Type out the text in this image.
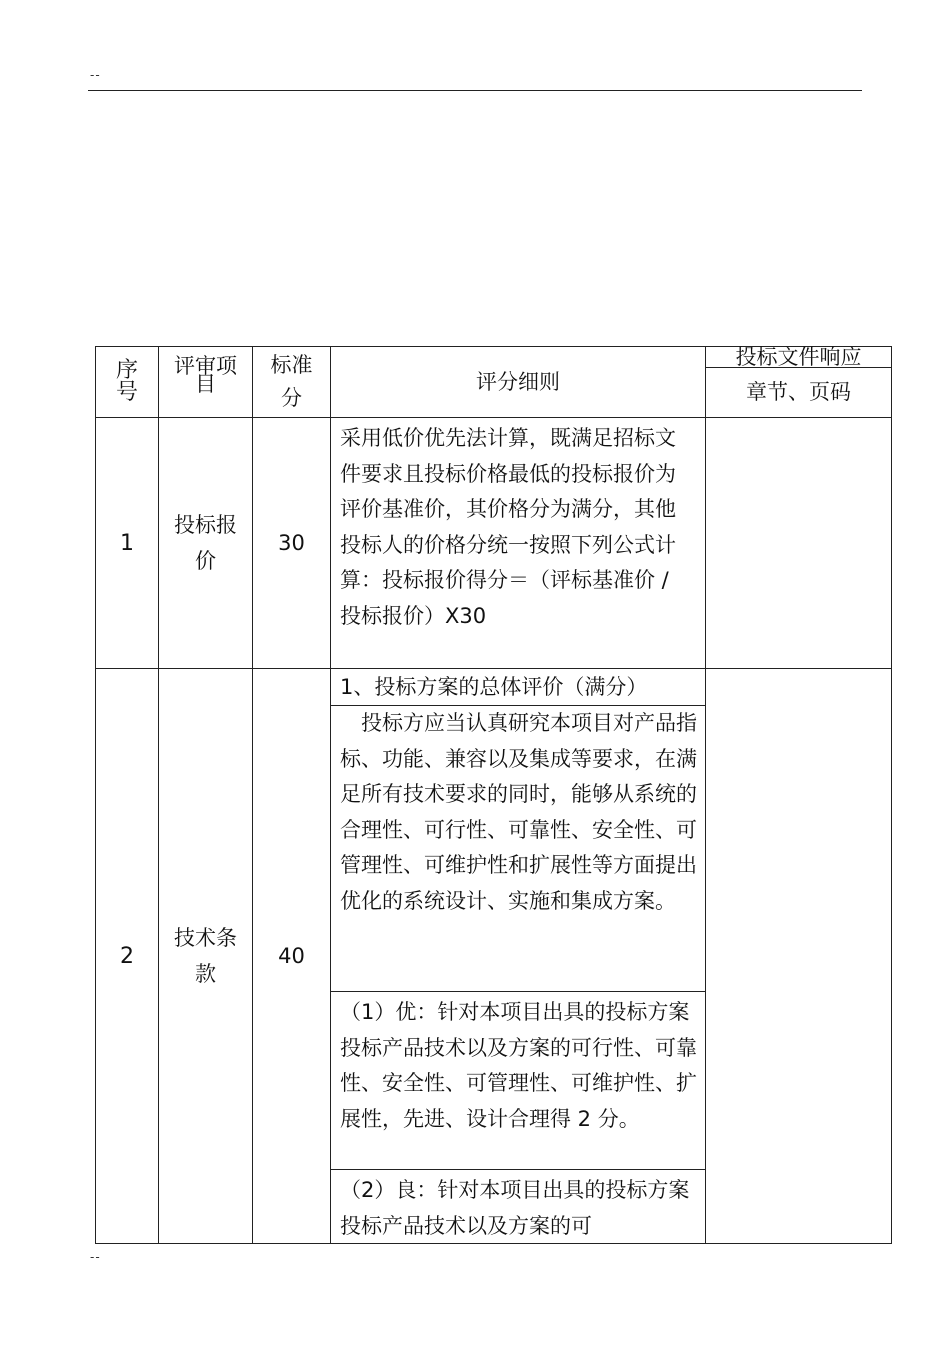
--
序号	评审项目	标准分	评分细则	投标文件响应
章节、页码

1	投标报价	30	采用低价优先法计算，既满足招标文件要求且投标价格最低的投标报价为评价基准价，其价格分为满分，其他投标人的价格分统一按照下列公式计算：投标报价得分＝（评标基准价 / 投标报价）X30	

2	技术条款	40	1、投标方案的总体评价（满分）
投标方应当认真研究本项目对产品指标、功能、兼容以及集成等要求，在满足所有技术要求的同时，能够从系统的合理性、可行性、可靠性、安全性、可管理性、可维护性和扩展性等方面提出优化的系统设计、实施和集成方案。
（1）优：针对本项目出具的投标方案投标产品技术以及方案的可行性、可靠性、安全性、可管理性、可维护性、扩展性，先进、设计合理得 2 分。
（2）良：针对本项目出具的投标方案投标产品技术以及方案的可	

--
